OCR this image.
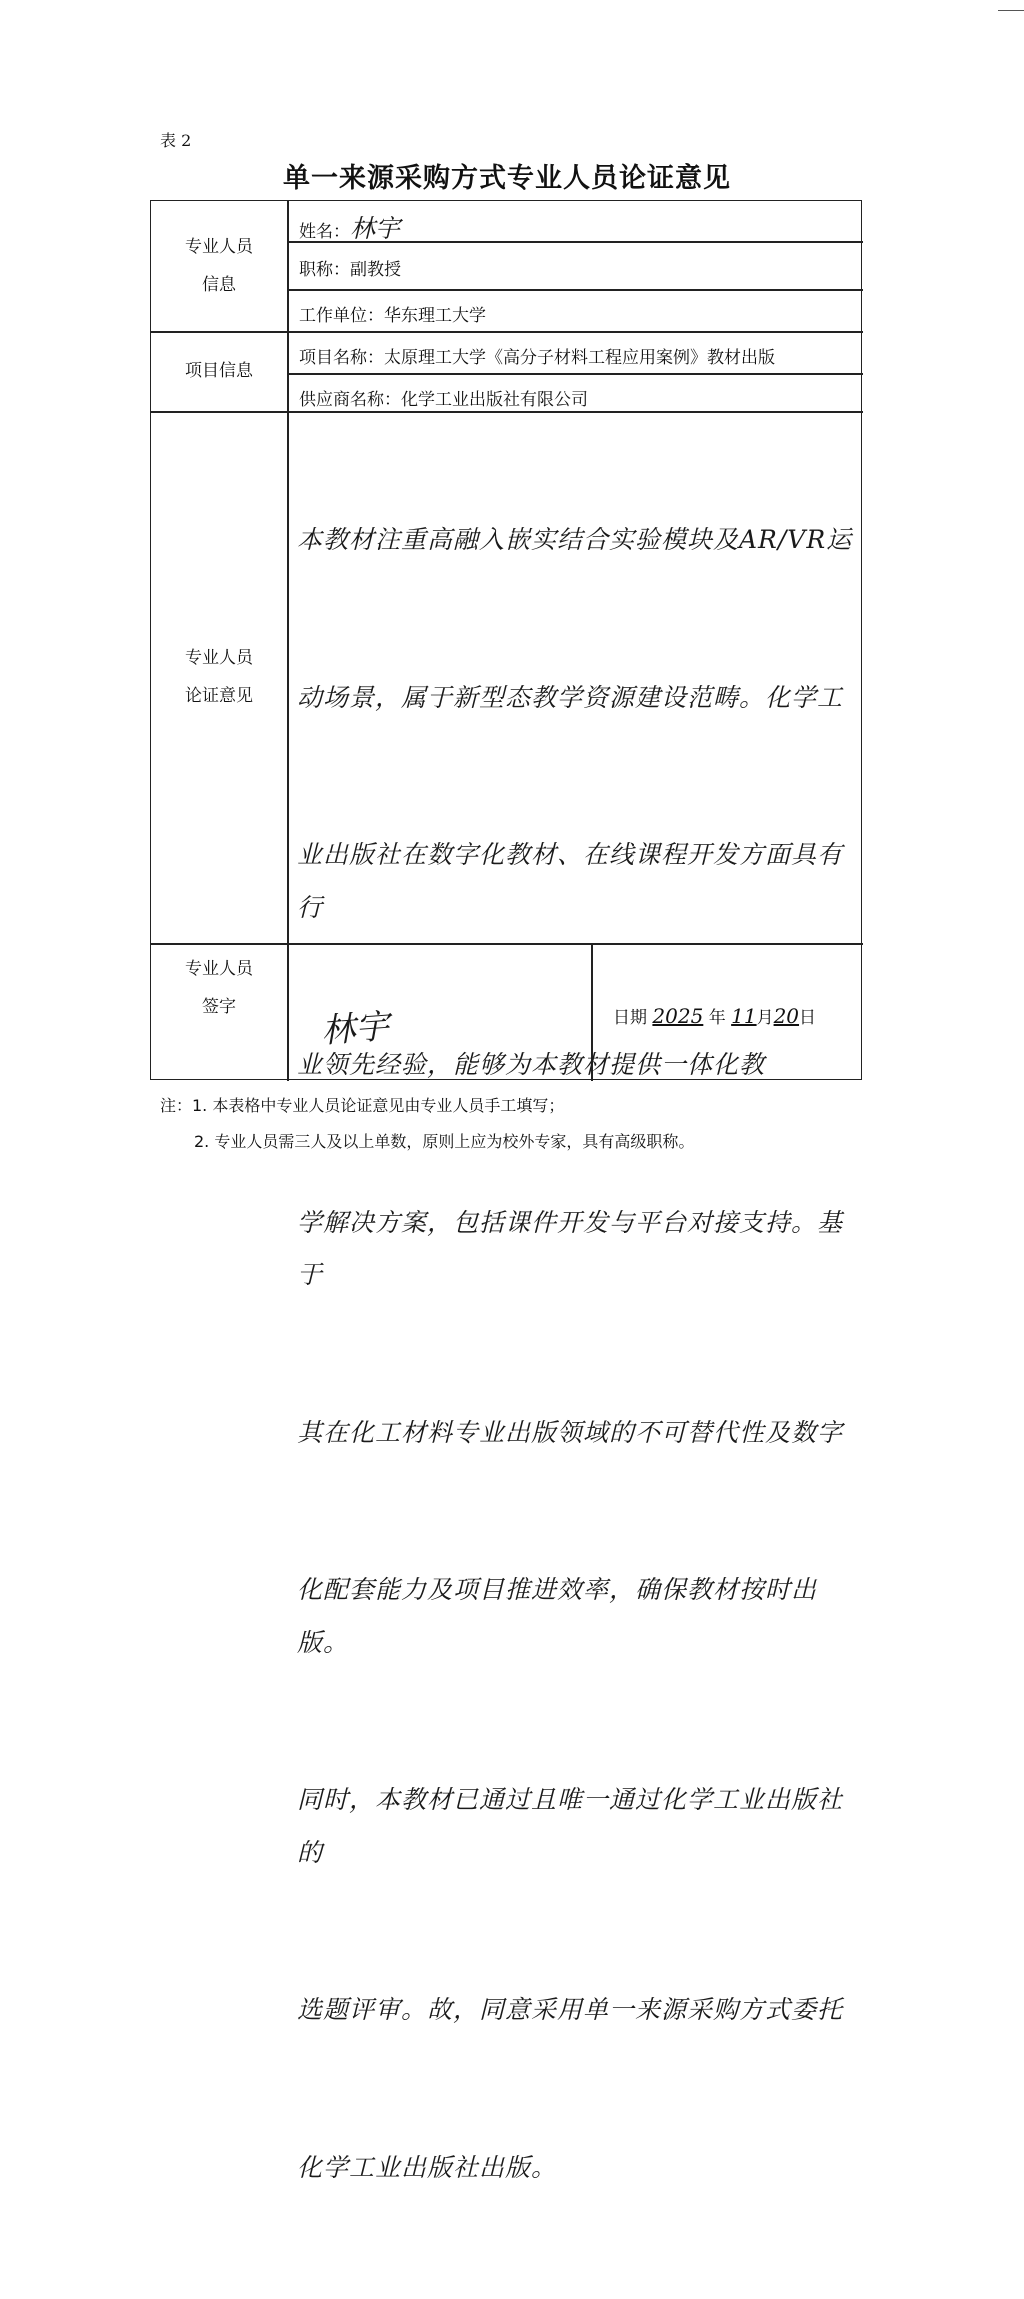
表 2
单一来源采购方式专业人员论证意见
专业人员
信息
姓名：林宇
职称：副教授
工作单位：华东理工大学
项目信息
项目名称：太原理工大学《高分子材料工程应用案例》教材出版
供应商名称：化学工业出版社有限公司
专业人员
论证意见

本教材注重高融入嵌实结合实验模块及AR/VR运

动场景，属于新型态教学资源建设范畴。化学工

业出版社在数字化教材、在线课程开发方面具有行

业领先经验，能够为本教材提供一体化教

学解决方案，包括课件开发与平台对接支持。基于

其在化工材料专业出版领域的不可替代性及数字

化配套能力及项目推进效率，确保教材按时出版。

同时，本教材已通过且唯一通过化学工业出版社的

选题评审。故，同意采用单一来源采购方式委托

化学工业出版社出版。

专业人员
签字 林宇	日期 2025 年 11月20日
注：1. 本表格中专业人员论证意见由专业人员手工填写；
2. 专业人员需三人及以上单数，原则上应为校外专家，具有高级职称。
